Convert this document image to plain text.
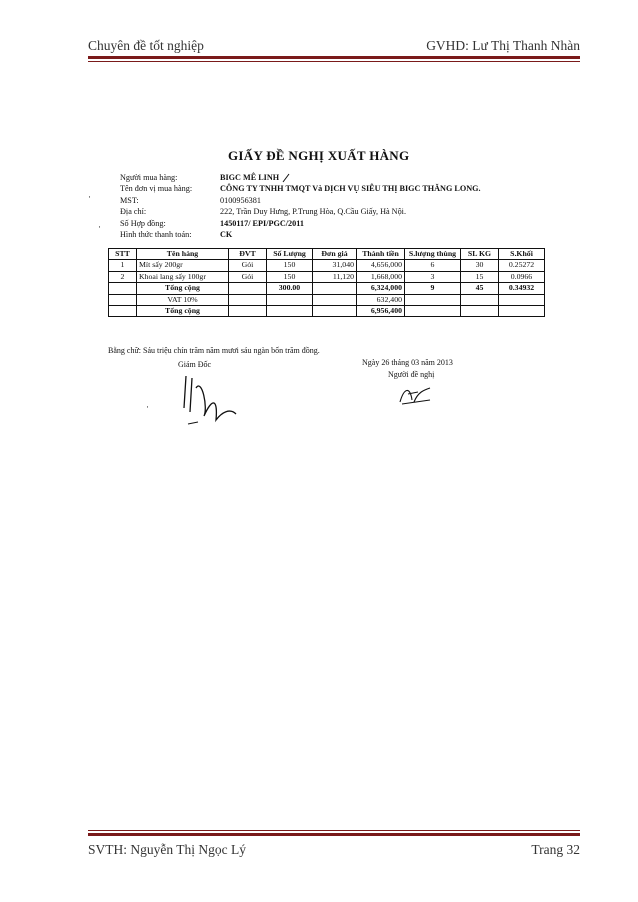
Chuyên đề tốt nghiệp	GVHD: Lư Thị Thanh Nhàn
GIẤY ĐỀ NGHỊ XUẤT HÀNG
·
·
Người mua hàng:	BIGC MÊ LINH
Tên đơn vị mua hàng:	CÔNG TY TNHH TMQT Và DỊCH VỤ SIÊU THỊ BIGC THĂNG LONG.
MST:	0100956381
Địa chỉ:	222, Trần Duy Hưng, P.Trung Hòa, Q.Cầu Giấy, Hà Nội.
Số Hợp đồng:	1450117/ EPI/PGC/2011
Hình thức thanh toán:	CK
STT	Tên hàng	ĐVT	Số Lượng	Đơn giá	Thành tiền	S.lượng thùng	SL KG	S.Khối
1	Mít sấy 200gr	Gói	150	31,040	4,656,000	6	30	0.25272
2	Khoai lang sấy 100gr	Gói	150	11,120	1,668,000	3	15	0.0966
	Tổng cộng		300.00		6,324,000	9	45	0.34932
	VAT 10%				632,400			
	Tổng cộng				6,956,400			
Bằng chữ: Sáu triệu chín trăm năm mươi sáu ngàn bốn trăm đồng.
Giám Đốc	Ngày 26 tháng 03 năm 2013
Người đề nghị
·
SVTH: Nguyễn Thị Ngọc Lý	Trang 32
